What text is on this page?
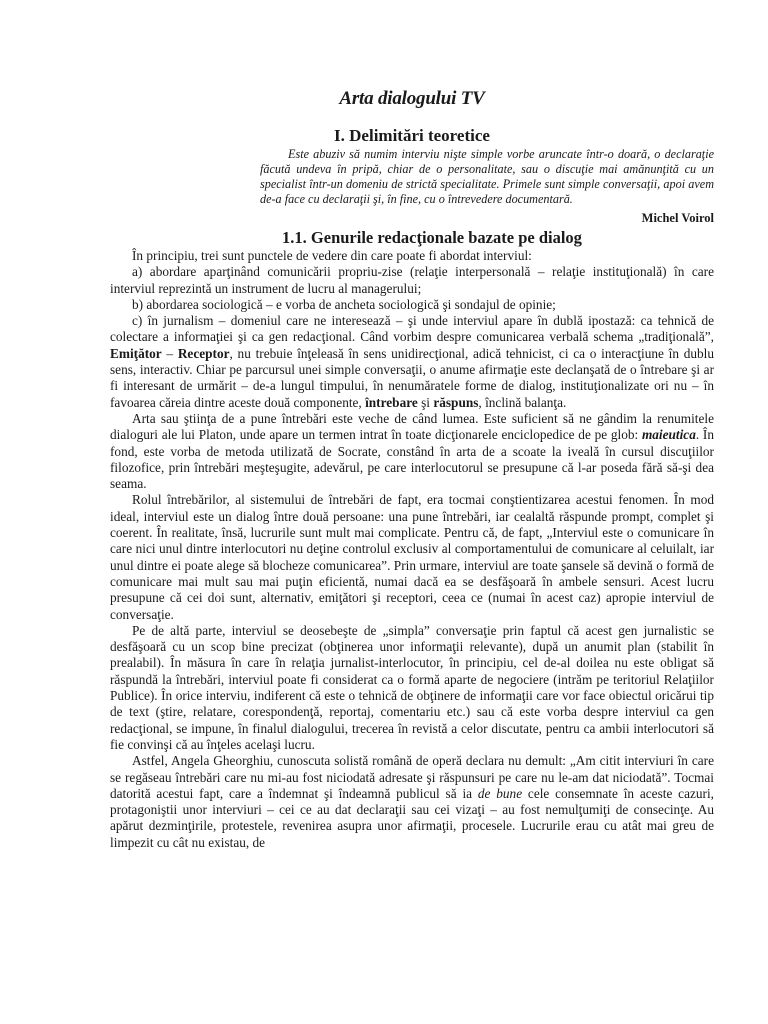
Arta dialogului TV
I. Delimitări teoretice

Este abuziv să numim interviu nişte simple vorbe aruncate într-o doară, o declaraţie făcută undeva în pripă, chiar de o personalitate, sau o discuţie mai amănunţită cu un specialist într-un domeniu de strictă specialitate. Primele sunt simple conversaţii, apoi avem de-a face cu declaraţii şi, în fine, cu o întrevedere documentară.

Michel Voirol

1.1. Genurile redacţionale bazate pe dialog

În principiu, trei sunt punctele de vedere din care poate fi abordat interviul:

a) abordare aparţinând comunicării propriu-zise (relaţie interpersonală – relaţie instituţională) în care interviul reprezintă un instrument de lucru al managerului;

b) abordarea sociologică – e vorba de ancheta sociologică şi sondajul de opinie;

c) în jurnalism – domeniul care ne interesează – şi unde interviul apare în dublă ipostază: ca tehnică de colectare a informaţiei şi ca gen redacţional. Când vorbim despre comunicarea verbală schema „tradiţională”, Emiţător – Receptor, nu trebuie înţeleasă în sens unidirecţional, adică tehnicist, ci ca o interacţiune în dublu sens, interactiv. Chiar pe parcursul unei simple conversaţii, o anume afirmaţie este declanşată de o întrebare şi ar fi interesant de urmărit – de-a lungul timpului, în nenumăratele forme de dialog, instituţionalizate ori nu – în favoarea căreia dintre aceste două componente, întrebare şi răspuns, înclină balanţa.

Arta sau ştiinţa de a pune întrebări este veche de când lumea. Este suficient să ne gândim la renumitele dialoguri ale lui Platon, unde apare un termen intrat în toate dicţionarele enciclopedice de pe glob: maieutica. În fond, este vorba de metoda utilizată de Socrate, constând în arta de a scoate la iveală în cursul discuţiilor filozofice, prin întrebări meşteşugite, adevărul, pe care interlocutorul se presupune că l-ar poseda fără să-şi dea seama.

Rolul întrebărilor, al sistemului de întrebări de fapt, era tocmai conştientizarea acestui fenomen. În mod ideal, interviul este un dialog între două persoane: una pune întrebări, iar cealaltă răspunde prompt, complet şi coerent. În realitate, însă, lucrurile sunt mult mai complicate. Pentru că, de fapt, „Interviul este o comunicare în care nici unul dintre interlocutori nu deţine controlul exclusiv al comportamentului de comunicare al celuilalt, iar unul dintre ei poate alege să blocheze comunicarea”. Prin urmare, interviul are toate şansele să devină o formă de comunicare mai mult sau mai puţin eficientă, numai dacă ea se desfăşoară în ambele sensuri. Acest lucru presupune că cei doi sunt, alternativ, emiţători şi receptori, ceea ce (numai în acest caz) apropie interviul de conversaţie.

Pe de altă parte, interviul se deosebeşte de „simpla” conversaţie prin faptul că acest gen jurnalistic se desfăşoară cu un scop bine precizat (obţinerea unor informaţii relevante), după un anumit plan (stabilit în prealabil). În măsura în care în relaţia jurnalist-interlocutor, în principiu, cel de-al doilea nu este obligat să răspundă la întrebări, interviul poate fi considerat ca o formă aparte de negociere (intrăm pe teritoriul Relaţiilor Publice). În orice interviu, indiferent că este o tehnică de obţinere de informaţii care vor face obiectul oricărui tip de text (ştire, relatare, corespondenţă, reportaj, comentariu etc.) sau că este vorba despre interviul ca gen redacţional, se impune, în finalul dialogului, trecerea în revistă a celor discutate, pentru ca ambii interlocutori să fie convinşi că au înţeles acelaşi lucru.

Astfel, Angela Gheorghiu, cunoscuta solistă română de operă declara nu demult: „Am citit interviuri în care se regăseau întrebări care nu mi-au fost niciodată adresate şi răspunsuri pe care nu le-am dat niciodată”. Tocmai datorită acestui fapt, care a îndemnat şi îndeamnă publicul să ia de bune cele consemnate în aceste cazuri, protagoniştii unor interviuri – cei ce au dat declaraţii sau cei vizaţi – au fost nemulţumiţi de consecinţe. Au apărut dezminţirile, protestele, revenirea asupra unor afirmaţii, procesele. Lucrurile erau cu atât mai greu de limpezit cu cât nu existau, de
